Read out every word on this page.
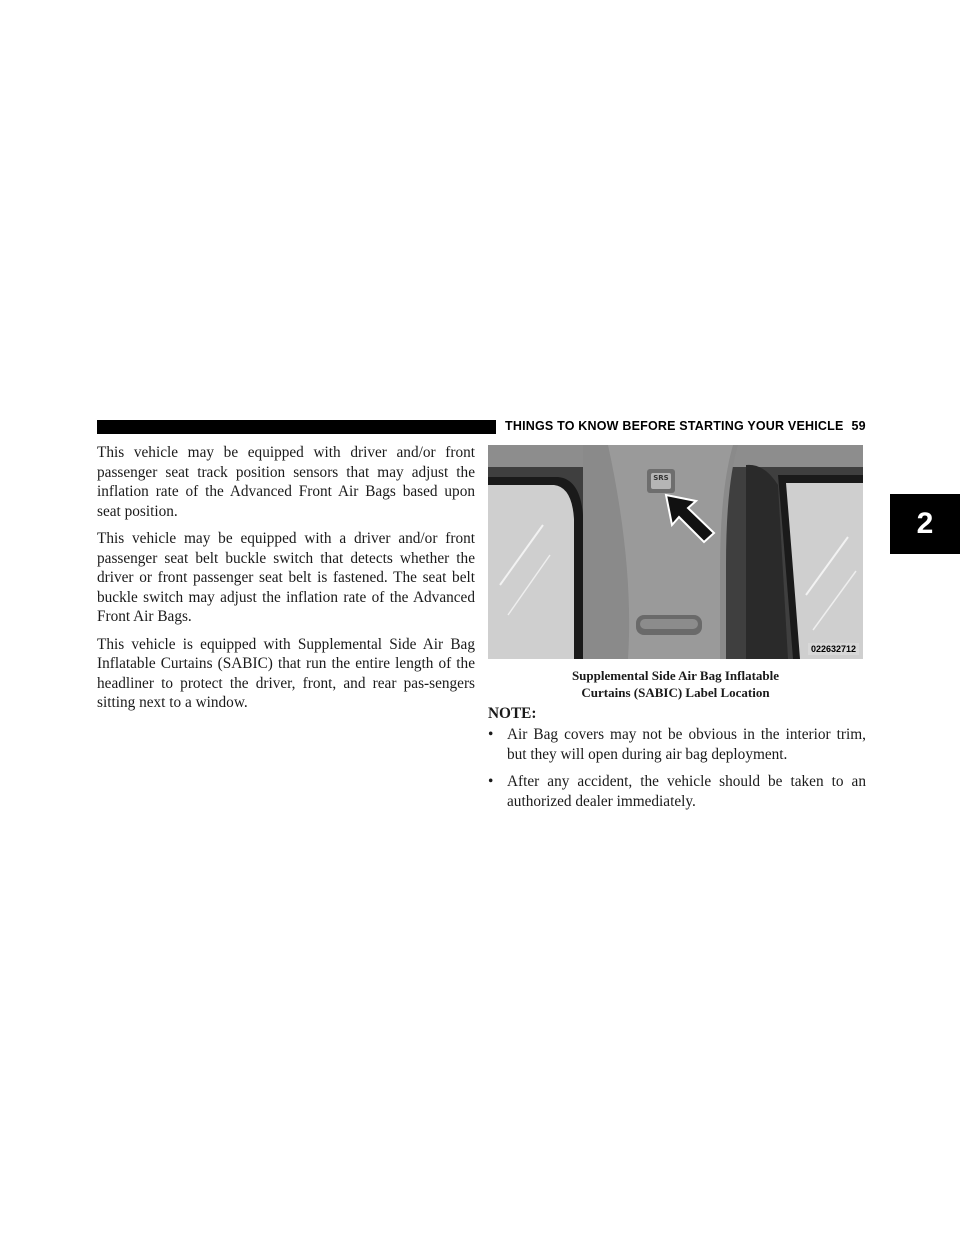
THINGS TO KNOW BEFORE STARTING YOUR VEHICLE 59
2

This vehicle may be equipped with driver and/or front passenger seat track position sensors that may adjust the inflation rate of the Advanced Front Air Bags based upon seat position.

This vehicle may be equipped with a driver and/or front passenger seat belt buckle switch that detects whether the driver or front passenger seat belt is fastened. The seat belt buckle switch may adjust the inflation rate of the Advanced Front Air Bags.

This vehicle is equipped with Supplemental Side Air Bag Inflatable Curtains (SABIC) that run the entire length of the headliner to protect the driver, front, and rear pas-sengers sitting next to a window.

SRS
022632712
Supplemental Side Air Bag Inflatable
Curtains (SABIC) Label Location
NOTE:
• Air Bag covers may not be obvious in the interior trim, but they will open during air bag deployment.
• After any accident, the vehicle should be taken to an authorized dealer immediately.
